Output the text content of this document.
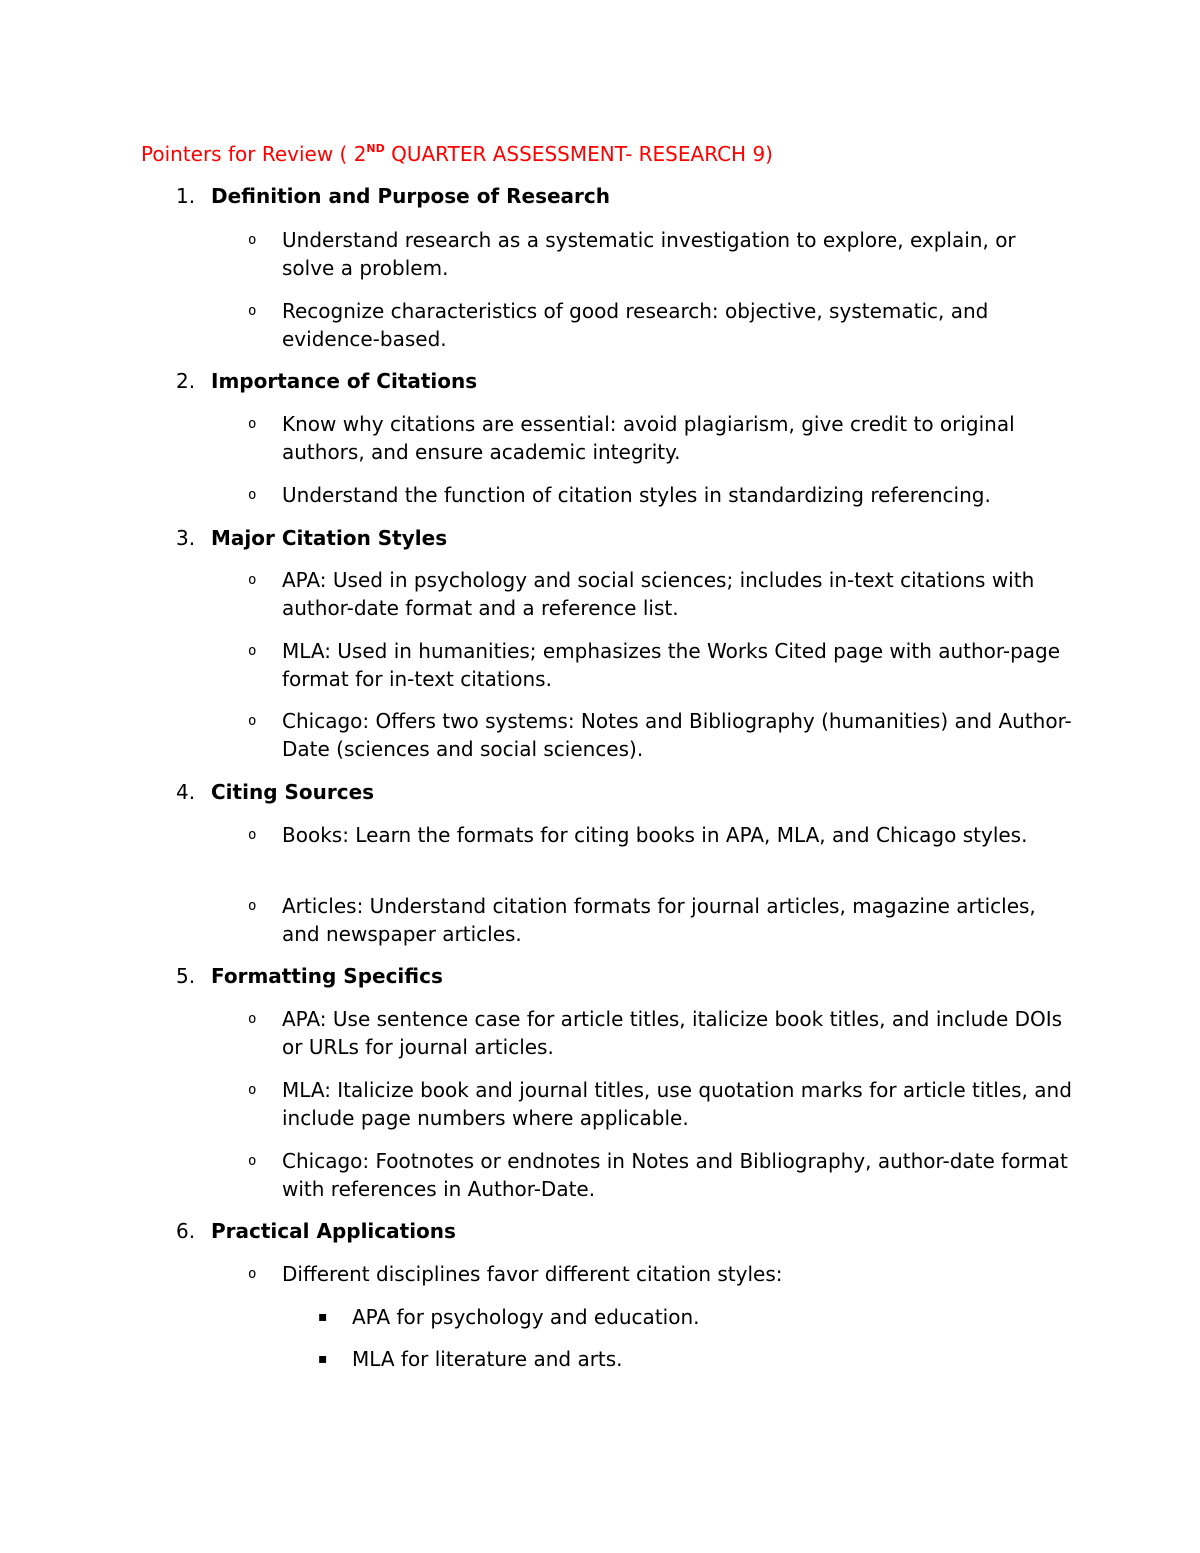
Pointers for Review ( 2ND QUARTER ASSESSMENT- RESEARCH 9)
1. Definition and Purpose of Research
o Understand research as a systematic investigation to explore, explain, or solve a problem.
o Recognize characteristics of good research: objective, systematic, and evidence-based.
2. Importance of Citations
o Know why citations are essential: avoid plagiarism, give credit to original authors, and ensure academic integrity.
o Understand the function of citation styles in standardizing referencing.
3. Major Citation Styles
o APA: Used in psychology and social sciences; includes in-text citations with author-date format and a reference list.
o MLA: Used in humanities; emphasizes the Works Cited page with author-page format for in-text citations.
o Chicago: Offers two systems: Notes and Bibliography (humanities) and Author-Date (sciences and social sciences).
4. Citing Sources
o Books: Learn the formats for citing books in APA, MLA, and Chicago styles.
o Articles: Understand citation formats for journal articles, magazine articles, and newspaper articles.
5. Formatting Specifics
o APA: Use sentence case for article titles, italicize book titles, and include DOIs or URLs for journal articles.
o MLA: Italicize book and journal titles, use quotation marks for article titles, and include page numbers where applicable.
o Chicago: Footnotes or endnotes in Notes and Bibliography, author-date format with references in Author-Date.
6. Practical Applications
o Different disciplines favor different citation styles:
▪ APA for psychology and education.
▪ MLA for literature and arts.
